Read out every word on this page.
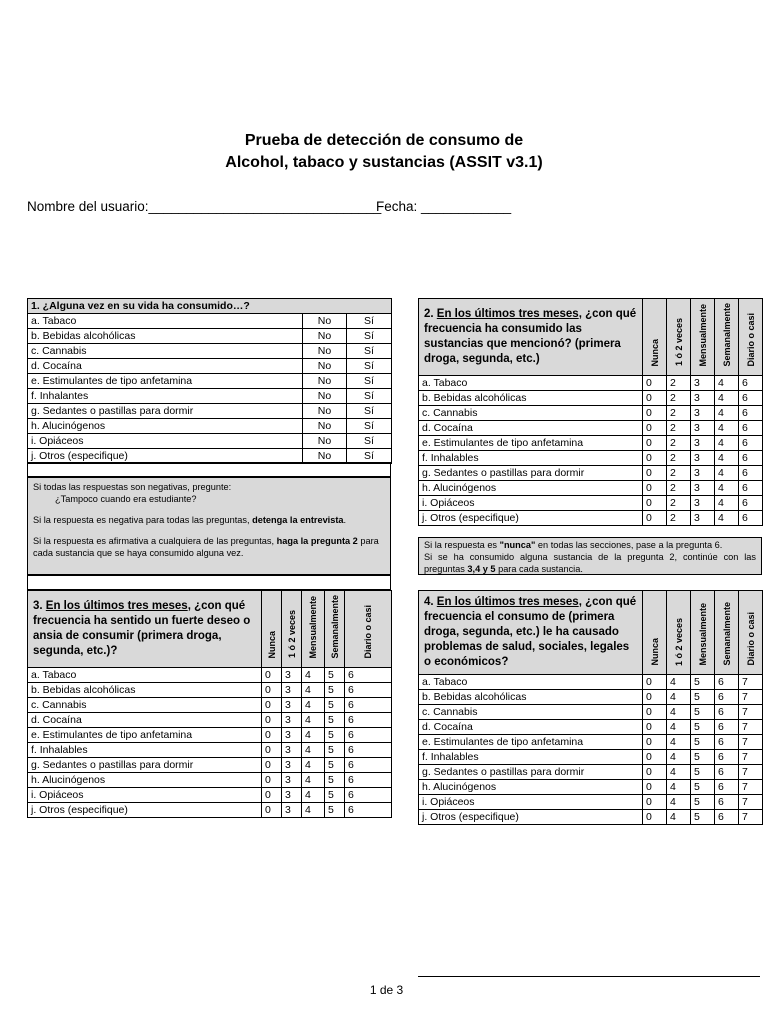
Prueba de detección de consumo de
Alcohol, tabaco y sustancias (ASSIT v3.1)
Nombre del usuario:_______________________________
Fecha: ____________
1. ¿Alguna vez en su vida ha consumido…?		
a. Tabaco	No	Sí
b. Bebidas alcohólicas	No	Sí
c. Cannabis	No	Sí
d. Cocaína	No	Sí
e. Estimulantes de tipo anfetamina	No	Sí
f. Inhalantes	No	Sí
g. Sedantes o pastillas para dormir	No	Sí
h. Alucinógenos	No	Sí
i. Opiáceos	No	Sí
j. Otros (especifique)	No	Sí

Si todas las respuestas son negativas, pregunte:

¿Tampoco cuando era estudiante?

Si la respuesta es negativa para todas las preguntas, detenga la entrevista.

Si la respuesta es afirmativa a cualquiera de las preguntas, haga la pregunta 2 para cada sustancia que se haya consumido alguna vez.

2. En los últimos tres meses, ¿con qué frecuencia ha consumido las sustancias que mencionó? (primera droga, segunda, etc.)	Nunca	1 ó 2 veces	Mensualmente	Semanalmente	Diario o casi
a. Tabaco	0	2	3	4	6
b. Bebidas alcohólicas	0	2	3	4	6
c. Cannabis	0	2	3	4	6
d. Cocaína	0	2	3	4	6
e. Estimulantes de tipo anfetamina	0	2	3	4	6
f. Inhalables	0	2	3	4	6
g. Sedantes o pastillas para dormir	0	2	3	4	6
h. Alucinógenos	0	2	3	4	6
i. Opiáceos	0	2	3	4	6
j. Otros (especifique)	0	2	3	4	6

Si la respuesta es "nunca" en todas las secciones, pase a la pregunta 6.

Si se ha consumido alguna sustancia de la pregunta 2, continúe con las preguntas 3,4 y 5 para cada sustancia.

3. En los últimos tres meses, ¿con qué frecuencia ha sentido un fuerte deseo o ansia de consumir (primera droga, segunda, etc.)?	Nunca	1 ó 2 veces	Mensualmente	Semanalmente	Diario o casi
a. Tabaco	0	3	4	5	6
b. Bebidas alcohólicas	0	3	4	5	6
c. Cannabis	0	3	4	5	6
d. Cocaína	0	3	4	5	6
e. Estimulantes de tipo anfetamina	0	3	4	5	6
f. Inhalables	0	3	4	5	6
g. Sedantes o pastillas para dormir	0	3	4	5	6
h. Alucinógenos	0	3	4	5	6
i. Opiáceos	0	3	4	5	6
j. Otros (especifique)	0	3	4	5	6
4. En los últimos tres meses, ¿con qué frecuencia el consumo de (primera droga, segunda, etc.) le ha causado problemas de salud, sociales, legales o económicos?	Nunca	1 ó 2 veces	Mensualmente	Semanalmente	Diario o casi
a. Tabaco	0	4	5	6	7
b. Bebidas alcohólicas	0	4	5	6	7
c. Cannabis	0	4	5	6	7
d. Cocaína	0	4	5	6	7
e. Estimulantes de tipo anfetamina	0	4	5	6	7
f. Inhalables	0	4	5	6	7
g. Sedantes o pastillas para dormir	0	4	5	6	7
h. Alucinógenos	0	4	5	6	7
i. Opiáceos	0	4	5	6	7
j. Otros (especifique)	0	4	5	6	7
1 de 3
